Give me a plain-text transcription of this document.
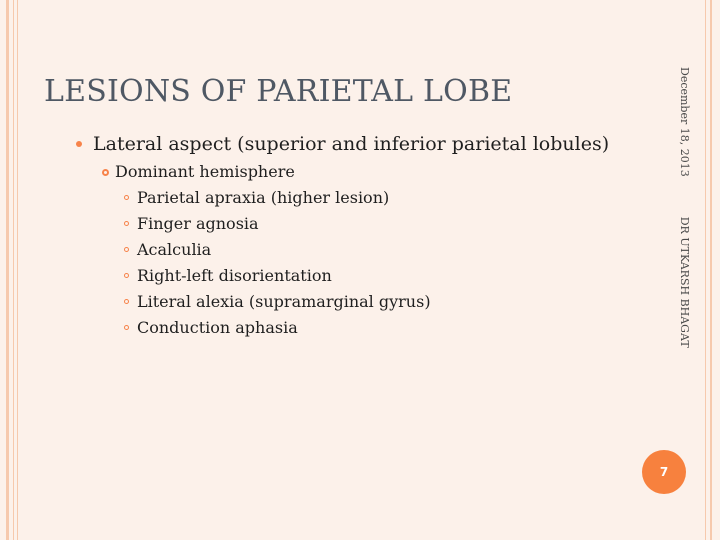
LESIONS OF PARIETAL LOBE
Lateral aspect (superior and inferior parietal lobules)
Dominant hemisphere
Parietal apraxia (higher lesion)
Finger agnosia
Acalculia
Right-left disorientation
Literal alexia (supramarginal gyrus)
Conduction aphasia
December 18, 2013DR UTKARSH BHAGAT
7
